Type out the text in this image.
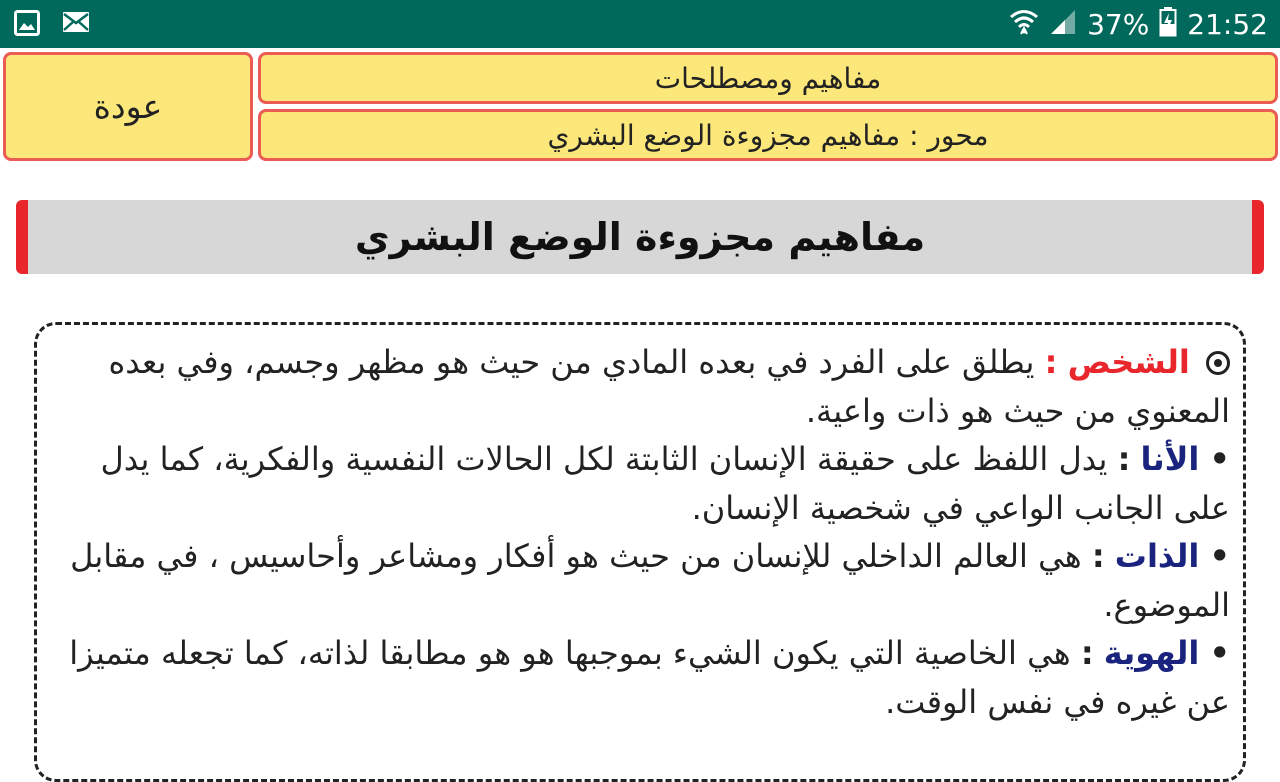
37% 21:52
عودة
مفاهيم ومصطلحات
محور : مفاهيم مجزوءة الوضع البشري
مفاهيم مجزوءة الوضع البشري

الشخص : يطلق على الفرد في بعده المادي من حيث هو مظهر وجسم، وفي بعده المعنوي من حيث هو ذات واعية.

• الأنا : يدل اللفظ على حقيقة الإنسان الثابتة لكل الحالات النفسية والفكرية، كما يدل على الجانب الواعي في شخصية الإنسان.

• الذات : هي العالم الداخلي للإنسان من حيث هو أفكار ومشاعر وأحاسيس ، في مقابل الموضوع.

• الهوية : هي الخاصية التي يكون الشيء بموجبها هو هو مطابقا لذاته، كما تجعله متميزا عن غيره في نفس الوقت.
